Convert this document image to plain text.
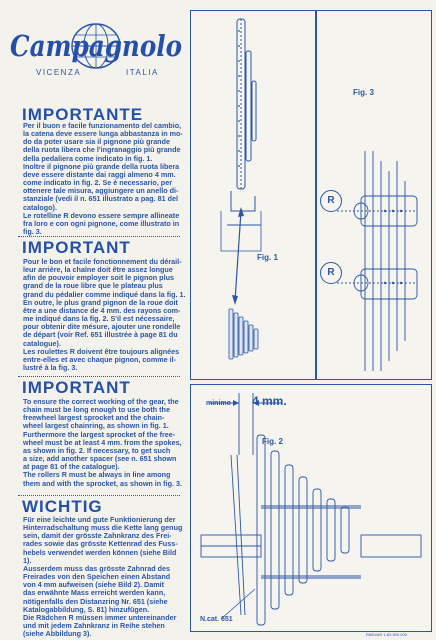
Campagnolo
VICENZA	ITALIA
IMPORTANTE

Per il buon e facile funzionamento del cambio,

la catena deve essere lunga abbastanza in mo-

do da poter usare sia il pignone più grande

della ruota libera che l'ingranaggio più grande

della pedaliera come indicato in fig. 1.

Inoltre il pignone più grande della ruota libera

deve essere distante dai raggi almeno 4 mm.

come indicato in fig. 2. Se è necessario, per

ottenere tale misura, aggiungere un anello di-

stanziale (vedi il n. 651 illustrato a pag. 81 del

catalogo).

Le rotelline R devono essere sempre allineate

fra loro e con ogni pignone, come illustrato in

fig. 3.

IMPORTANT

Pour le bon et facile fonctionnement du dérail-

leur arrière, la chaîne doit être assez longue

afin de pouvoir employer soit le pignon plus

grand de la roue libre que le plateau plus

grand du pédalier comme indiqué dans la fig. 1.

En outre, le plus grand pignon de la roue doit

être a une distance de 4 mm. des rayons com-

me indiqué dans la fig. 2. S'il est nécessaire,

pour obtenir dite mésure, ajouter une rondelle

de départ (voir Ref. 651 illustrée à page 81 du

catalogue).

Les roulettes R doivent être toujours alignées

entre-elles et avec chaque pignon, comme il-

lustré à la fig. 3.

IMPORTANT

To ensure the correct working of the gear, the

chain must be long enough to use both the

freewheel largest sprocket and the chain-

wheel largest chainring, as shown in fig. 1.

Furthermore the largest sprocket of the free-

wheel must be at least 4 mm. from the spokes,

as shown in fig. 2. If necessary, to get such

a size, add another spacer (see n. 651 shown

at page 81 of the catalogue).

The rollers R must be always in line among

them and with the sprocket, as shown in fig. 3.

WICHTIG

Für eine leichte und gute Funktionierung der

Hinterradschaltung muss die Kette lang genug

sein, damit der grösste Zahnkranz des Frei-

rades sowie das grösste Kettenrad des Fuss-

hebels verwendet werden können (siehe Bild

1).

Ausserdem muss das grösste Zahnrad des

Freirades von den Speichen einen Abstand

von 4 mm aufweisen (siehe Bild 2). Damit

das erwähnte Mass erreicht werden kann,

nötigenfalls den Distanzring Nr. 651 (siehe

Katalogabbildung, S. 81) hinzufügen.

Die Rädchen R müssen immer untereinander

und mit jedem Zahnkranz in Reihe stehen

(siehe Abbildung 3).

Fig. 1
Fig. 3
R
R
minimo 4 mm.
Fig. 2
N.cat. 651
R800/AR 1-83 500.000
